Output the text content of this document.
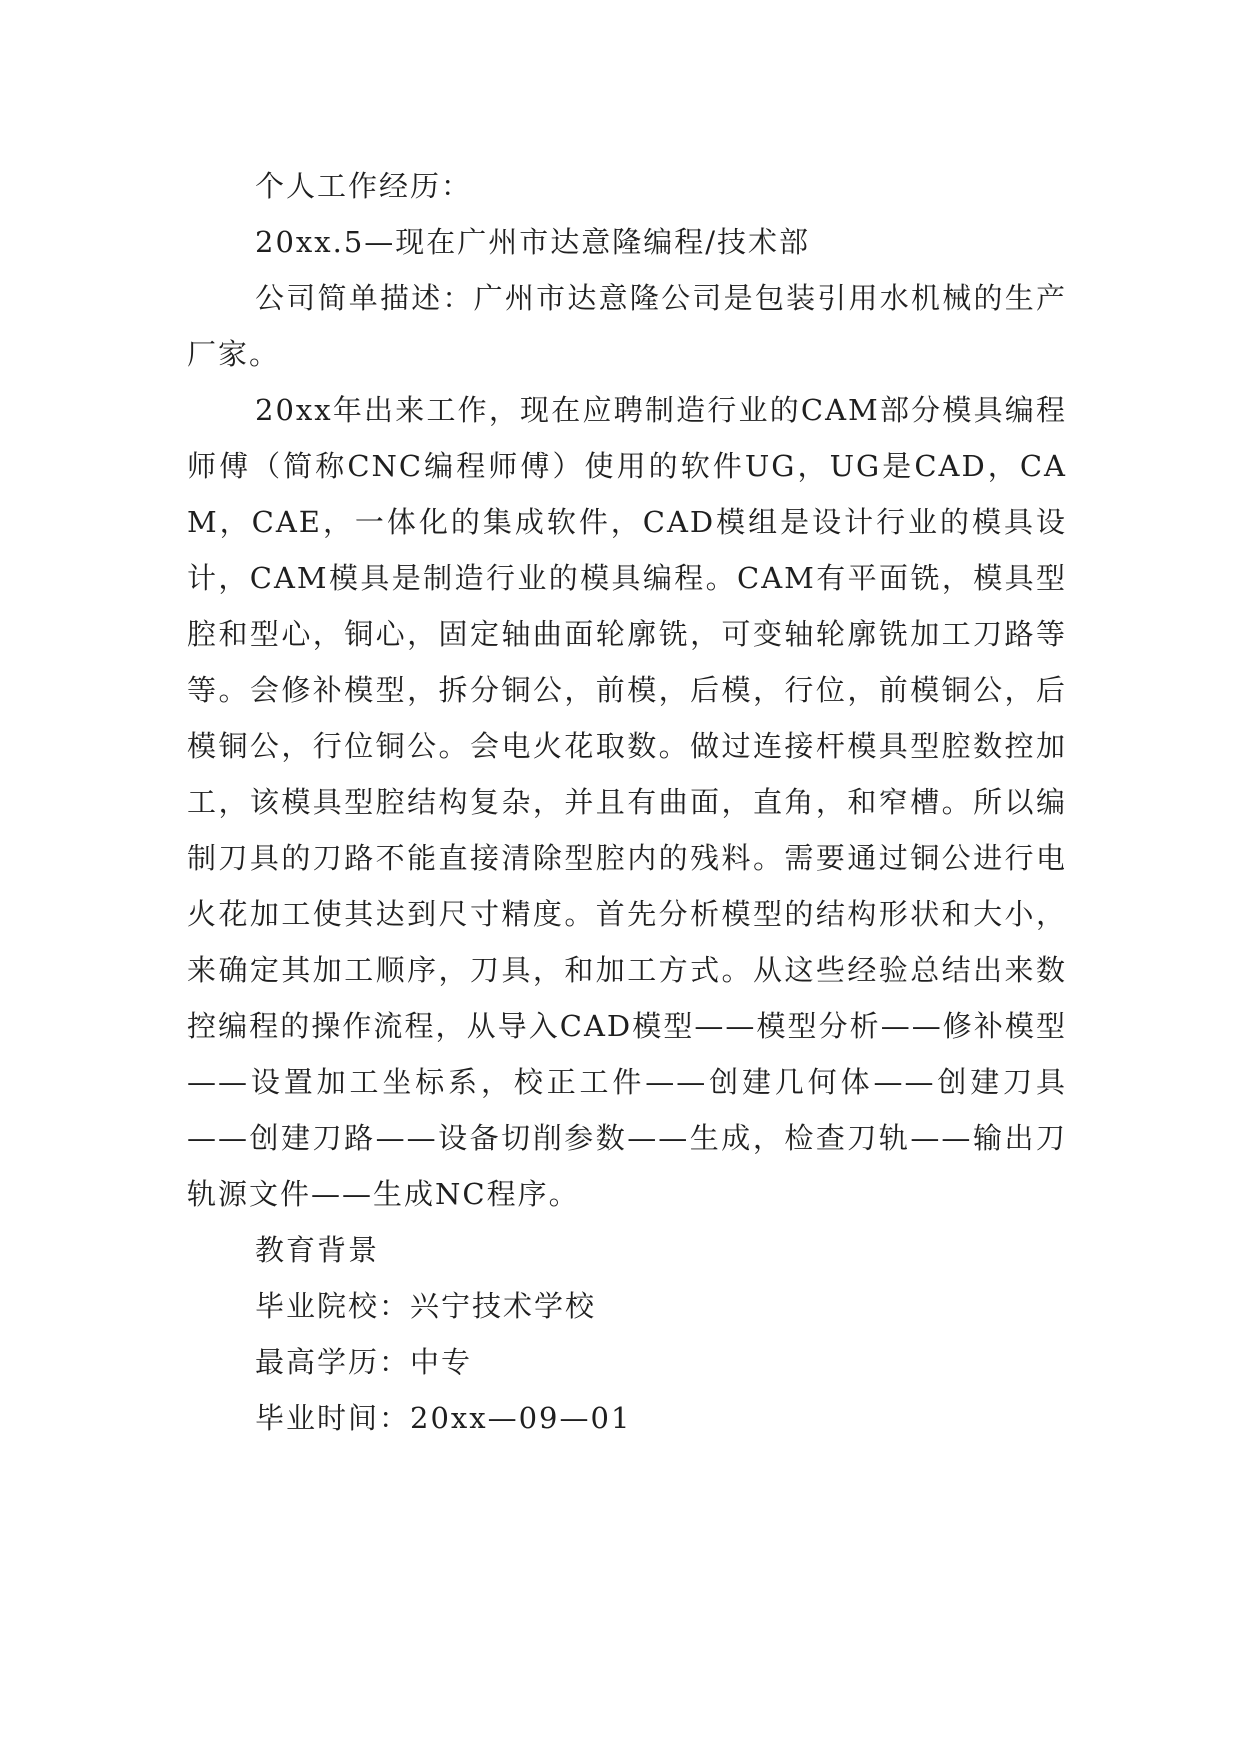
个人工作经历：

20xx.5—现在广州市达意隆编程/技术部

公司简单描述：广州市达意隆公司是包装引用水机械的生产厂家。

20xx年出来工作，现在应聘制造行业的CAM部分模具编程师傅（简称CNC编程师傅）使用的软件UG，UG是CAD，CAM，CAE，一体化的集成软件，CAD模组是设计行业的模具设计，CAM模具是制造行业的模具编程。CAM有平面铣，模具型腔和型心，铜心，固定轴曲面轮廓铣，可变轴轮廓铣加工刀路等等。会修补模型，拆分铜公，前模，后模，行位，前模铜公，后模铜公，行位铜公。会电火花取数。做过连接杆模具型腔数控加工，该模具型腔结构复杂，并且有曲面，直角，和窄槽。所以编制刀具的刀路不能直接清除型腔内的残料。需要通过铜公进行电火花加工使其达到尺寸精度。首先分析模型的结构形状和大小，来确定其加工顺序，刀具，和加工方式。从这些经验总结出来数控编程的操作流程，从导入CAD模型——模型分析——修补模型——设置加工坐标系，校正工件——创建几何体——创建刀具——创建刀路——设备切削参数——生成，检查刀轨——输出刀轨源文件——生成NC程序。

教育背景

毕业院校：兴宁技术学校

最高学历：中专

毕业时间：20xx—09—01
